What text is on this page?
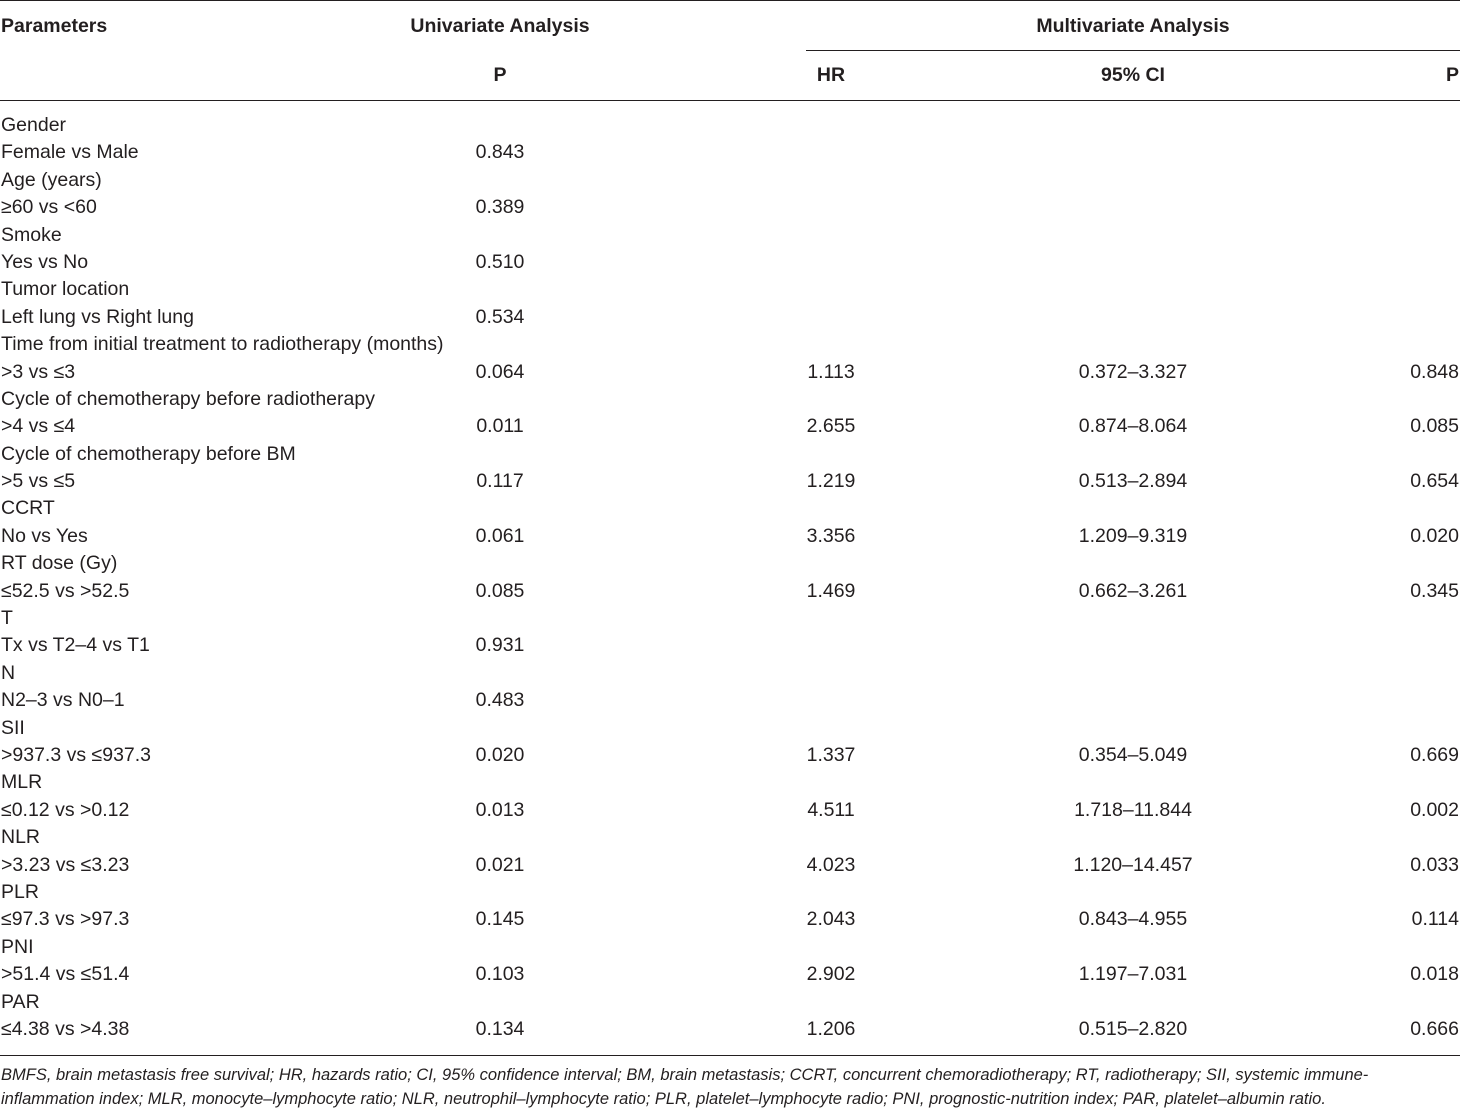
Parameters	Univariate Analysis	Multivariate Analysis
P	HR	95% CI	P
Gender
Female vs Male	0.843
Age (years)
≥60 vs <60	0.389
Smoke
Yes vs No	0.510
Tumor location
Left lung vs Right lung	0.534
Time from initial treatment to radiotherapy (months)
>3 vs ≤3	0.064	1.113	0.372–3.327	0.848
Cycle of chemotherapy before radiotherapy
>4 vs ≤4	0.011	2.655	0.874–8.064	0.085
Cycle of chemotherapy before BM
>5 vs ≤5	0.117	1.219	0.513–2.894	0.654
CCRT
No vs Yes	0.061	3.356	1.209–9.319	0.020
RT dose (Gy)
≤52.5 vs >52.5	0.085	1.469	0.662–3.261	0.345
T
Tx vs T2–4 vs T1	0.931
N
N2–3 vs N0–1	0.483
SII
>937.3 vs ≤937.3	0.020	1.337	0.354–5.049	0.669
MLR
≤0.12 vs >0.12	0.013	4.511	1.718–11.844	0.002
NLR
>3.23 vs ≤3.23	0.021	4.023	1.120–14.457	0.033
PLR
≤97.3 vs >97.3	0.145	2.043	0.843–4.955	0.114
PNI
>51.4 vs ≤51.4	0.103	2.902	1.197–7.031	0.018
PAR
≤4.38 vs >4.38	0.134	1.206	0.515–2.820	0.666
BMFS, brain metastasis free survival; HR, hazards ratio; CI, 95% confidence interval; BM, brain metastasis; CCRT, concurrent chemoradiotherapy; RT, radiotherapy; SII, systemic immune-inflammation index; MLR, monocyte–lymphocyte ratio; NLR, neutrophil–lymphocyte ratio; PLR, platelet–lymphocyte radio; PNI, prognostic-nutrition index; PAR, platelet–albumin ratio.
